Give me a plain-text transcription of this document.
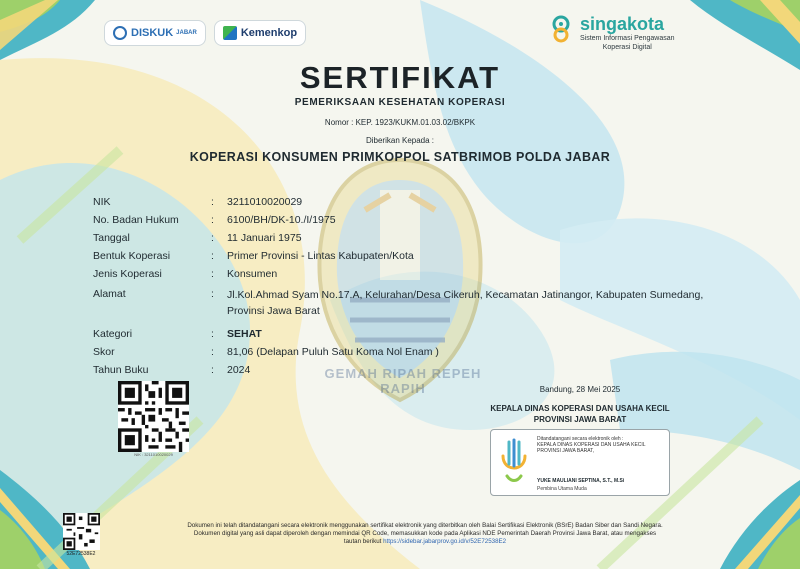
GEMAH RIPAH REPEH RAPIH
DISKUK JABAR	Kemenkop	singakota
Sistem Informasi Pengawasan
Koperasi Digital
SERTIFIKAT
PEMERIKSAAN KESEHATAN KOPERASI
Nomor : KEP. 1923/KUKM.01.03.02/BKPK
Diberikan Kepada :
KOPERASI KONSUMEN PRIMKOPPOL SATBRIMOB POLDA JABAR
NIK	:	3211010020029
No. Badan Hukum	:	6100/BH/DK-10./I/1975
Tanggal	:	11 Januari 1975
Bentuk Koperasi	:	Primer Provinsi - Lintas Kabupaten/Kota
Jenis Koperasi	:	Konsumen
Alamat	:	Jl.Kol.Ahmad Syam No.17.A, Kelurahan/Desa Cikeruh, Kecamatan Jatinangor, Kabupaten Sumedang, Provinsi Jawa Barat
Kategori	:	SEHAT
Skor	:	81,06 (Delapan Puluh Satu Koma Nol Enam )
Tahun Buku	:	2024
NIK : 3211010020029
Bandung, 28 Mei 2025
KEPALA DINAS KOPERASI DAN USAHA KECIL
PROVINSI JAWA BARAT
Ditandatangani secara elektronik oleh :
KEPALA DINAS KOPERASI DAN USAHA KECIL
PROVINSI JAWA BARAT,
YUKE MAULIANI SEPTINA, S.T., M.Si
Pembina Utama Muda
52E72538E2
Dokumen ini telah ditandatangani secara elektronik menggunakan sertifikat elektronik yang diterbitkan oleh Balai Sertifikasi Elektronik (BSrE) Badan Siber dan Sandi Negara.
Dokumen digital yang asli dapat diperoleh dengan memindai QR Code, memasukkan kode pada Aplikasi NDE Pemerintah Daerah Provinsi Jawa Barat, atau mengakses
tautan berikut https://sidebar.jabarprov.go.id/v/52E72538E2
